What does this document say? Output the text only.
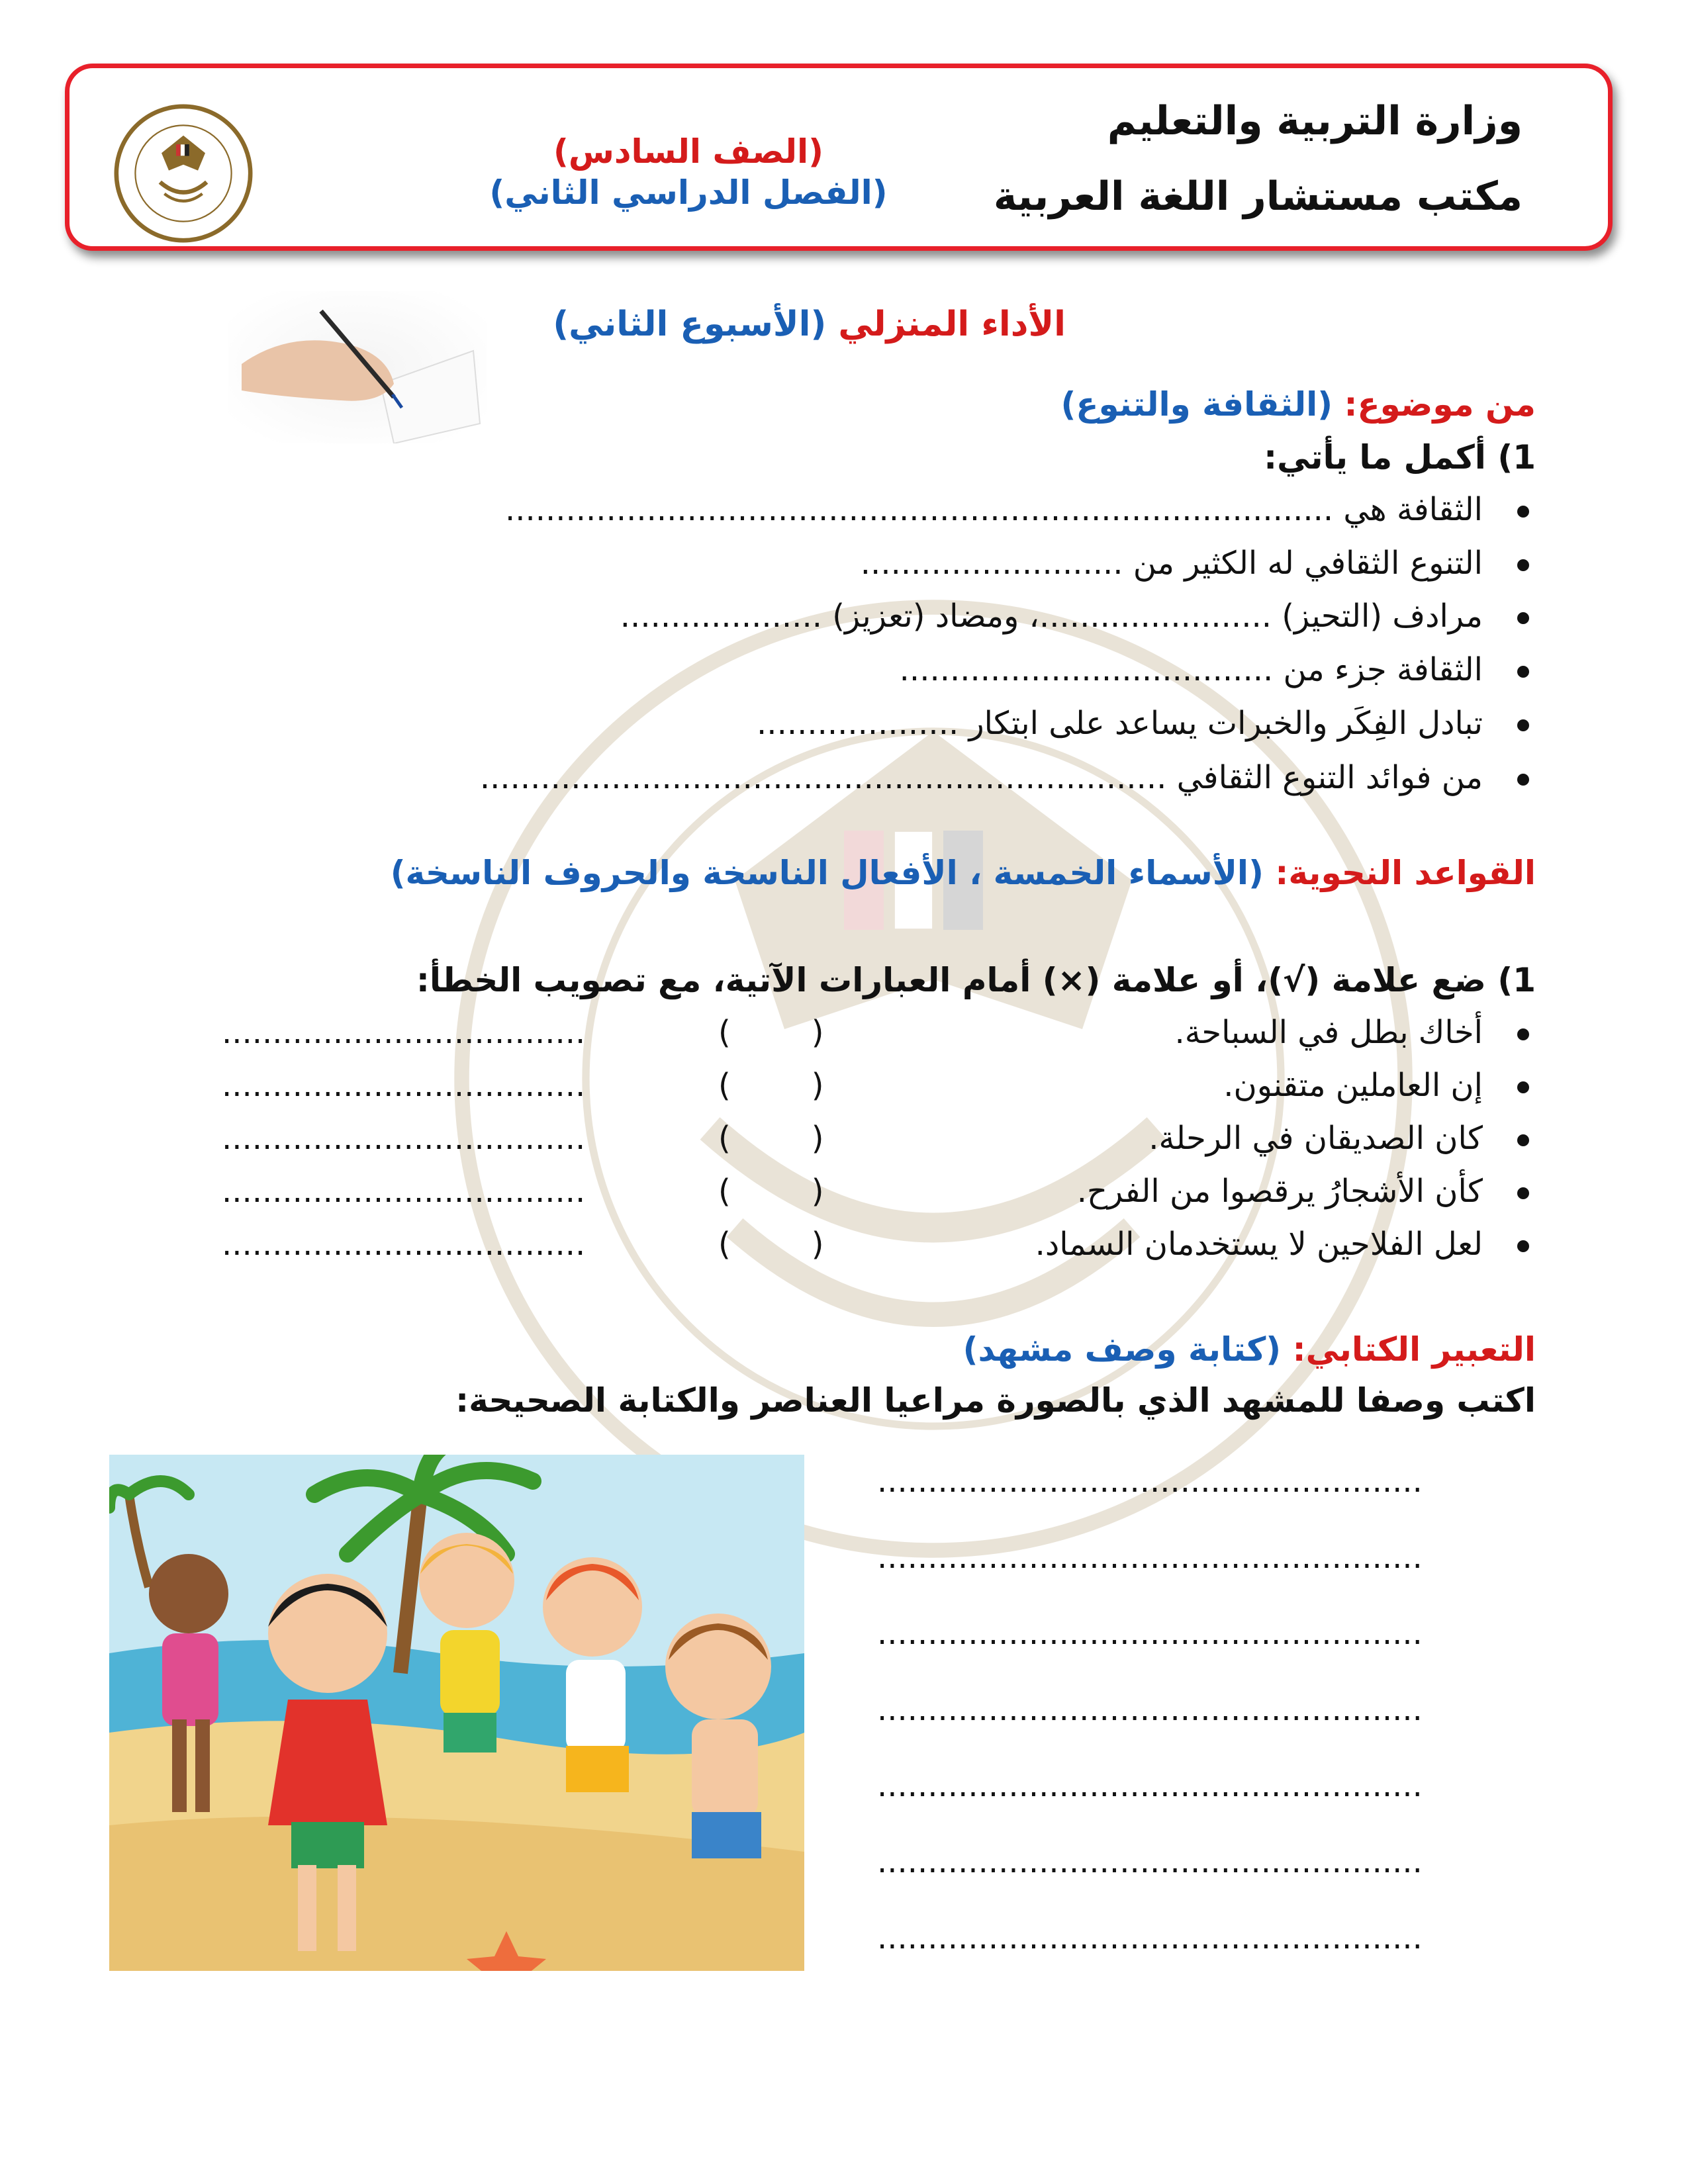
وزارة التربية والتعليم
مكتب مستشار اللغة العربية
(الصف السادس)
(الفصل الدراسي الثاني)
الأداء المنزلي (الأسبوع الثاني)
من موضوع: (الثقافة والتنوع)
1) أكمل ما يأتي:
الثقافة هي ..................................................................................
التنوع الثقافي له الكثير من ..........................
مرادف (التحيز) .......................، ومضاد (تعزيز) ....................
الثقافة جزء من .....................................
تبادل الفِكَر والخبرات يساعد على ابتكار ....................
من فوائد التنوع الثقافي ....................................................................
القواعد النحوية: (الأسماء الخمسة ، الأفعال الناسخة والحروف الناسخة)
1) ضع علامة (√)، أو علامة (×) أمام العبارات الآتية، مع تصويب الخطأ:
أخاك بطل في السباحة.
(        )
....................................
إن العاملين متقنون.
(        )
....................................
كان الصديقان في الرحلة.
(        )
....................................
كأن الأشجارُ يرقصوا من الفرح.
(        )
....................................
لعل الفلاحين لا يستخدمان السماد.
(        )
....................................
التعبير الكتابي: (كتابة وصف مشهد)
اكتب وصفا للمشهد الذي بالصورة مراعيا العناصر والكتابة الصحيحة:
......................................................
......................................................
......................................................
......................................................
......................................................
......................................................
......................................................
